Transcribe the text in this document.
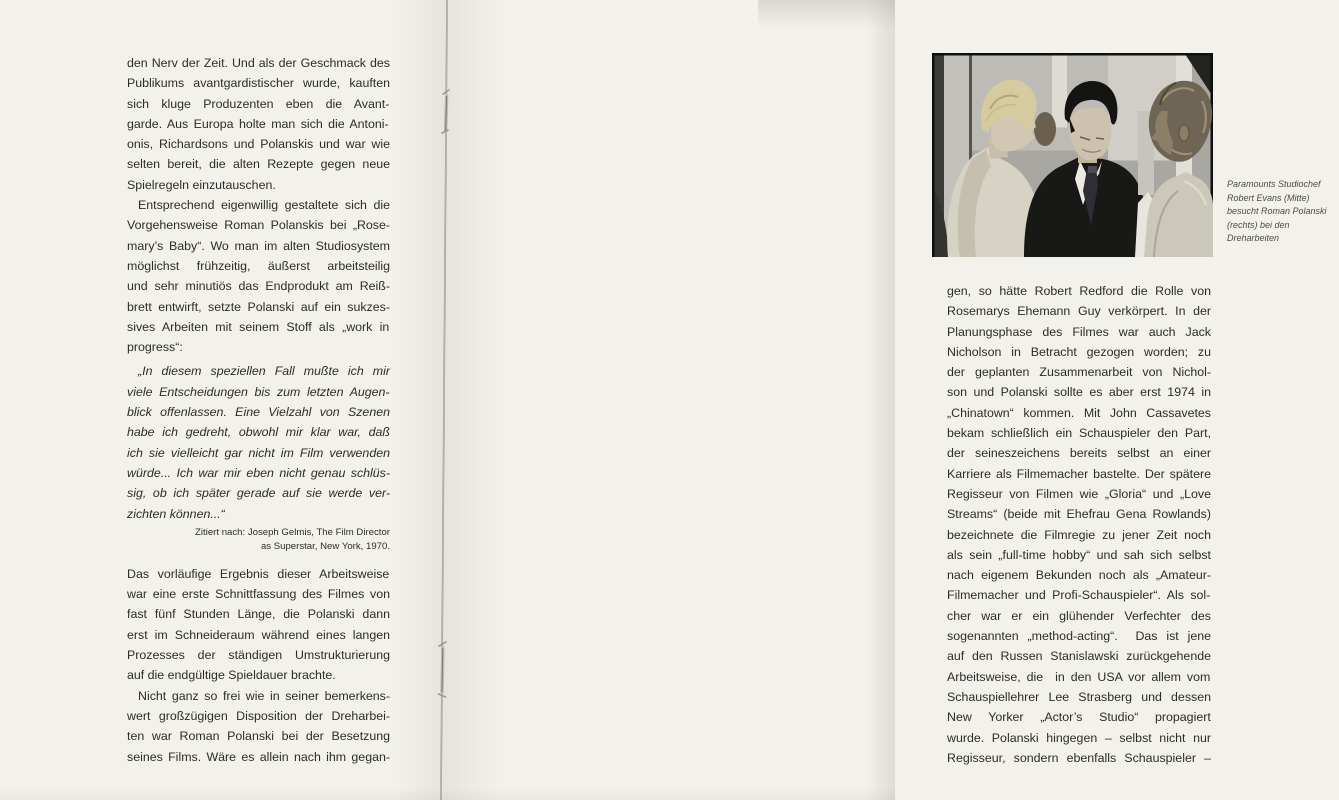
den Nerv der Zeit. Und als der Geschmack des
Publikums avantgardistischer wurde, kauften
sich kluge Produzenten eben die Avant-
garde. Aus Europa holte man sich die Antoni-
onis, Richardsons und Polanskis und war wie
selten bereit, die alten Rezepte gegen neue
Spielregeln einzutauschen.
Entsprechend eigenwillig gestaltete sich die
Vorgehensweise Roman Polanskis bei „Rose-
mary’s Baby“. Wo man im alten Studiosystem
möglichst frühzeitig, äußerst arbeitsteilig
und sehr minutiös das Endprodukt am Reiß-
brett entwirft, setzte Polanski auf ein sukzes-
sives Arbeiten mit seinem Stoff als „work in
progress“:
„In diesem speziellen Fall mußte ich mir
viele Entscheidungen bis zum letzten Augen-
blick offenlassen. Eine Vielzahl von Szenen
habe ich gedreht, obwohl mir klar war, daß
ich sie vielleicht gar nicht im Film verwenden
würde... Ich war mir eben nicht genau schlüs-
sig, ob ich später gerade auf sie werde ver-
zichten können...“
Zitiert nach: Joseph Gelmis, The Film Director
as Superstar, New York, 1970.
Das vorläufige Ergebnis dieser Arbeitsweise
war eine erste Schnittfassung des Filmes von
fast fünf Stunden Länge, die Polanski dann
erst im Schneideraum während eines langen
Prozesses der ständigen Umstrukturierung
auf die endgültige Spieldauer brachte.
Nicht ganz so frei wie in seiner bemerkens-
wert großzügigen Disposition der Dreharbei-
ten war Roman Polanski bei der Besetzung
seines Films. Wäre es allein nach ihm gegan-
Paramounts Studiochef
Robert Evans (Mitte)
besucht Roman Polanski
(rechts) bei den
Dreharbeiten
gen, so hätte Robert Redford die Rolle von
Rosemarys Ehemann Guy verkörpert. In der
Planungsphase des Filmes war auch Jack
Nicholson in Betracht gezogen worden; zu
der geplanten Zusammenarbeit von Nichol-
son und Polanski sollte es aber erst 1974 in
„Chinatown“ kommen. Mit John Cassavetes
bekam schließlich ein Schauspieler den Part,
der seineszeichens bereits selbst an einer
Karriere als Filmemacher bastelte. Der spätere
Regisseur von Filmen wie „Gloria“ und „Love
Streams“ (beide mit Ehefrau Gena Rowlands)
bezeichnete die Filmregie zu jener Zeit noch
als sein „full-time hobby“ und sah sich selbst
nach eigenem Bekunden noch als „Amateur-
Filmemacher und Profi-Schauspieler“. Als sol-
cher war er ein glühender Verfechter des
sogenannten „method-acting“.  Das ist jene
auf den Russen Stanislawski zurückgehende
Arbeitsweise, die  in den USA vor allem vom
Schauspiellehrer Lee Strasberg und dessen
New Yorker „Actor’s Studio“ propagiert
wurde. Polanski hingegen – selbst nicht nur
Regisseur, sondern ebenfalls Schauspieler –
